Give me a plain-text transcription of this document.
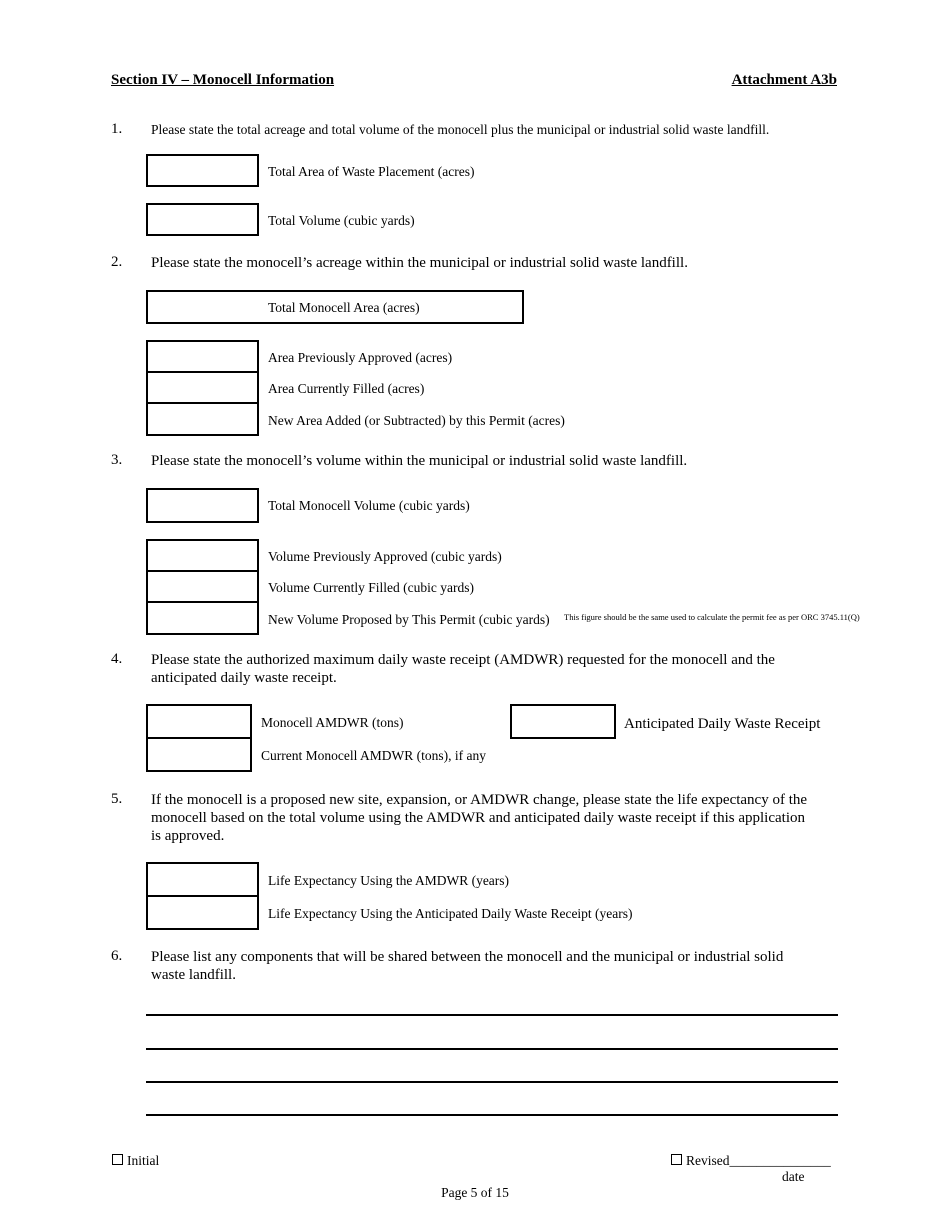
Section IV – Monocell Information	Attachment A3b
1. Please state the total acreage and total volume of the monocell plus the municipal or industrial solid waste landfill.
Total Area of Waste Placement (acres)
Total Volume (cubic yards)
2. Please state the monocell’s acreage within the municipal or industrial solid waste landfill.
Total Monocell Area (acres)
Area Previously Approved (acres)
Area Currently Filled (acres)
New Area Added (or Subtracted) by this Permit (acres)
3. Please state the monocell’s volume within the municipal or industrial solid waste landfill.
Total Monocell Volume (cubic yards)
Volume Previously Approved (cubic yards)
Volume Currently Filled (cubic yards)
New Volume Proposed by This Permit (cubic yards) This figure should be the same used to calculate the permit fee as per ORC 3745.11(Q)
4. Please state the authorized maximum daily waste receipt (AMDWR) requested for the monocell and the
anticipated daily waste receipt.
Monocell AMDWR (tons)
Current Monocell AMDWR (tons), if any
Anticipated Daily Waste Receipt
5. If the monocell is a proposed new site, expansion, or AMDWR change, please state the life expectancy of the
monocell based on the total volume using the AMDWR and anticipated daily waste receipt if this application
is approved.
Life Expectancy Using the AMDWR (years)
Life Expectancy Using the Anticipated Daily Waste Receipt (years)
6. Please list any components that will be shared between the monocell and the municipal or industrial solid
waste landfill.
Initial	Revised_______________
date
Page 5 of 15
